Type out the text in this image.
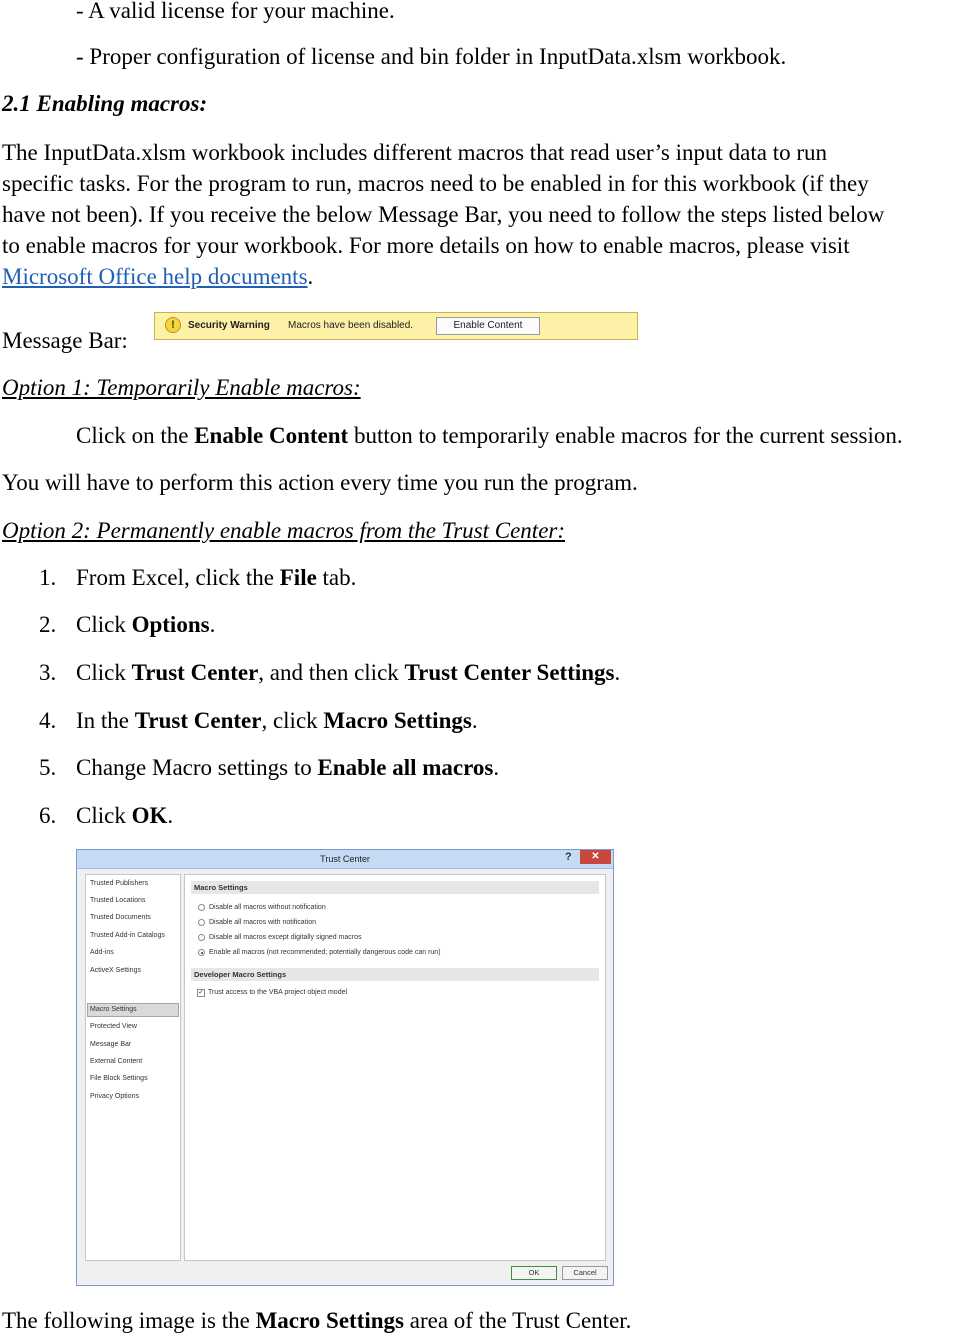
- A valid license for your machine.
- Proper configuration of license and bin folder in InputData.xlsm workbook.
2.1 Enabling macros:
The InputData.xlsm workbook includes different macros that read user’s input data to run
specific tasks. For the program to run, macros need to be enabled in for this workbook (if they
have not been). If you receive the below Message Bar, you need to follow the steps listed below
to enable macros for your workbook. For more details on how to enable macros, please visit
Microsoft Office help documents.
Message Bar:
!	Security Warning Macros have been disabled.	Enable Content
Option 1: Temporarily Enable macros:
Click on the Enable Content button to temporarily enable macros for the current session.
You will have to perform this action every time you run the program.
Option 2: Permanently enable macros from the Trust Center:
1. From Excel, click the File tab.
2. Click Options.
3. Click Trust Center, and then click Trust Center Settings.
4. In the Trust Center, click Macro Settings.
5. Change Macro settings to Enable all macros.
6. Click OK.
Trust Center	?	✕
Trusted Publishers
Trusted Locations
Trusted Documents
Trusted Add-in Catalogs
Add-ins
ActiveX Settings
Macro Settings
Protected View
Message Bar
External Content
File Block Settings
Privacy Options
Macro Settings
Disable all macros without notification
Disable all macros with notification
Disable all macros except digitally signed macros
Enable all macros (not recommended; potentially dangerous code can run)
Developer Macro Settings
✓ Trust access to the VBA project object model
OK	Cancel
The following image is the Macro Settings area of the Trust Center.
